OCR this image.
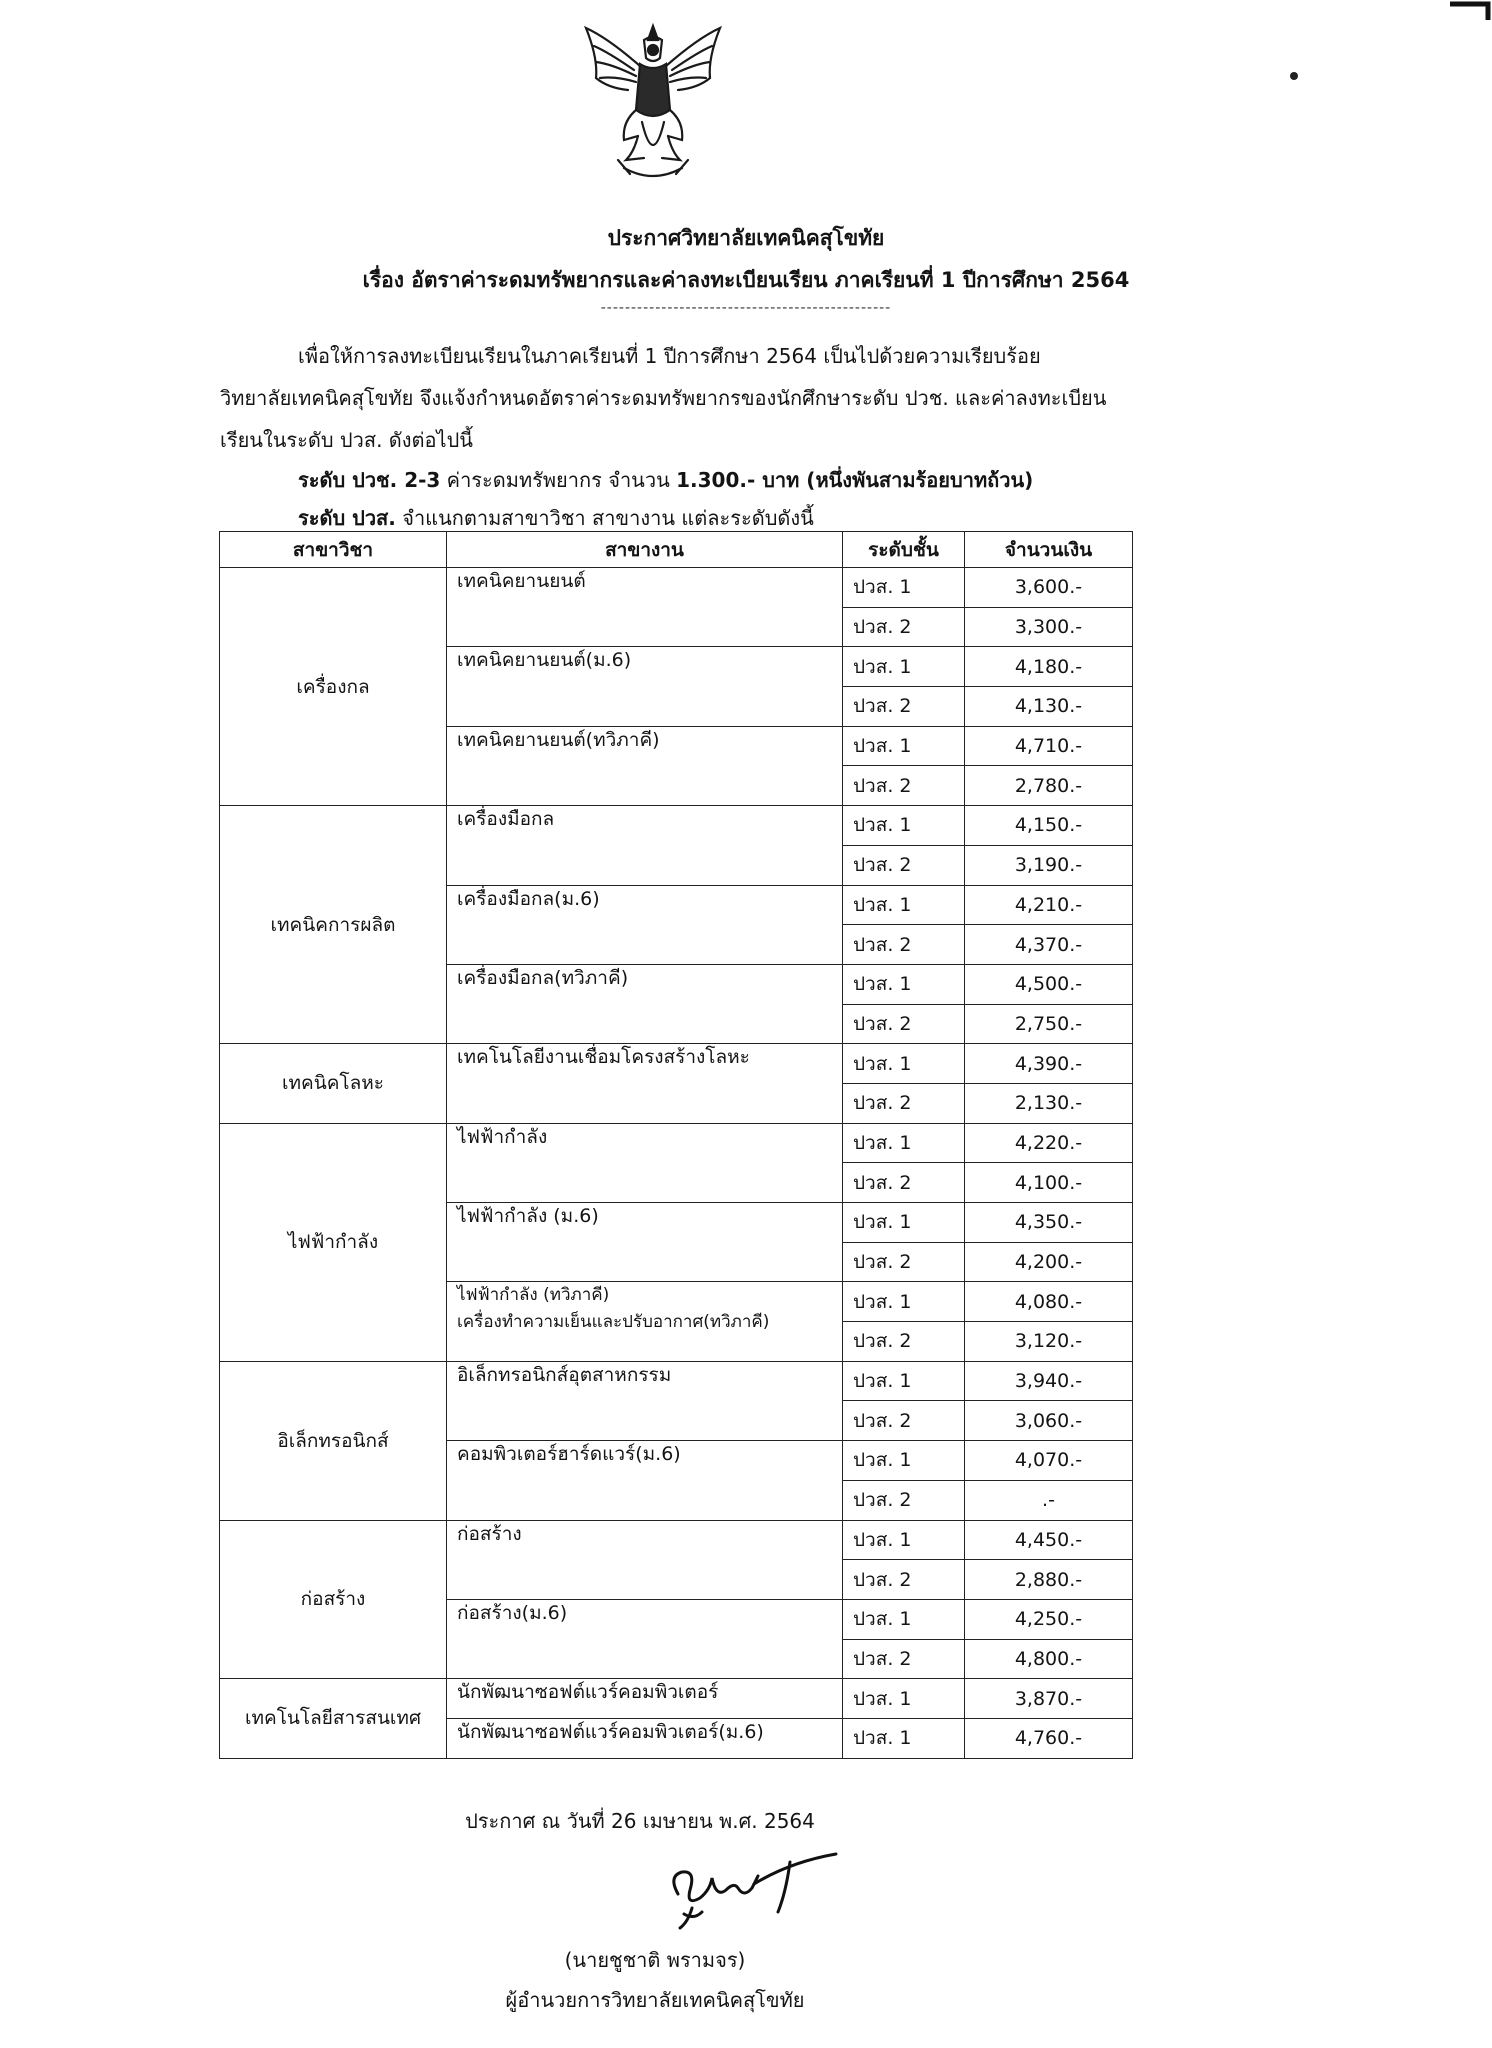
ประกาศวิทยาลัยเทคนิคสุโขทัย
เรื่อง อัตราค่าระดมทรัพยากรและค่าลงทะเบียนเรียน ภาคเรียนที่ 1 ปีการศึกษา 2564
------------------------------------------------
เพื่อให้การลงทะเบียนเรียนในภาคเรียนที่ 1 ปีการศึกษา 2564 เป็นไปด้วยความเรียบร้อย
วิทยาลัยเทคนิคสุโขทัย จึงแจ้งกำหนดอัตราค่าระดมทรัพยากรของนักศึกษาระดับ ปวช. และค่าลงทะเบียน
เรียนในระดับ ปวส. ดังต่อไปนี้
ระดับ ปวช. 2-3 ค่าระดมทรัพยากร จำนวน 1.300.- บาท (หนึ่งพันสามร้อยบาทถ้วน)
ระดับ ปวส. จำแนกตามสาขาวิชา สาขางาน แต่ละระดับดังนี้
สาขาวิชา	สาขางาน	ระดับชั้น	จำนวนเงิน
เครื่องกล	เทคนิคยานยนต์	ปวส. 1	3,600.-
		ปวส. 2	3,300.-

	เทคนิคยานยนต์(ม.6)	ปวส. 1	4,180.-
		ปวส. 2	4,130.-

	เทคนิคยานยนต์(ทวิภาคี)	ปวส. 1	4,710.-
		ปวส. 2	2,780.-
เทคนิคการผลิต	เครื่องมือกล	ปวส. 1	4,150.-
		ปวส. 2	3,190.-

	เครื่องมือกล(ม.6)	ปวส. 1	4,210.-
		ปวส. 2	4,370.-

	เครื่องมือกล(ทวิภาคี)	ปวส. 1	4,500.-
		ปวส. 2	2,750.-
เทคนิคโลหะ	เทคโนโลยีงานเชื่อมโครงสร้างโลหะ	ปวส. 1	4,390.-
		ปวส. 2	2,130.-
ไฟฟ้ากำลัง	ไฟฟ้ากำลัง	ปวส. 1	4,220.-
		ปวส. 2	4,100.-

	ไฟฟ้ากำลัง (ม.6)	ปวส. 1	4,350.-
		ปวส. 2	4,200.-

	ไฟฟ้ากำลัง (ทวิภาคี)
เครื่องทำความเย็นและปรับอากาศ(ทวิภาคี)	ปวส. 1	4,080.-
		ปวส. 2	3,120.-
อิเล็กทรอนิกส์	อิเล็กทรอนิกส์อุตสาหกรรม	ปวส. 1	3,940.-
		ปวส. 2	3,060.-

	คอมพิวเตอร์ฮาร์ดแวร์(ม.6)	ปวส. 1	4,070.-
		ปวส. 2	.-
ก่อสร้าง	ก่อสร้าง	ปวส. 1	4,450.-
		ปวส. 2	2,880.-

	ก่อสร้าง(ม.6)	ปวส. 1	4,250.-
		ปวส. 2	4,800.-
เทคโนโลยีสารสนเทศ	นักพัฒนาซอฟต์แวร์คอมพิวเตอร์	ปวส. 1	3,870.-

	นักพัฒนาซอฟต์แวร์คอมพิวเตอร์(ม.6)	ปวส. 1	4,760.-
ประกาศ ณ วันที่ 26 เมษายน พ.ศ. 2564
(นายชูชาติ พรามจร)
ผู้อำนวยการวิทยาลัยเทคนิคสุโขทัย
